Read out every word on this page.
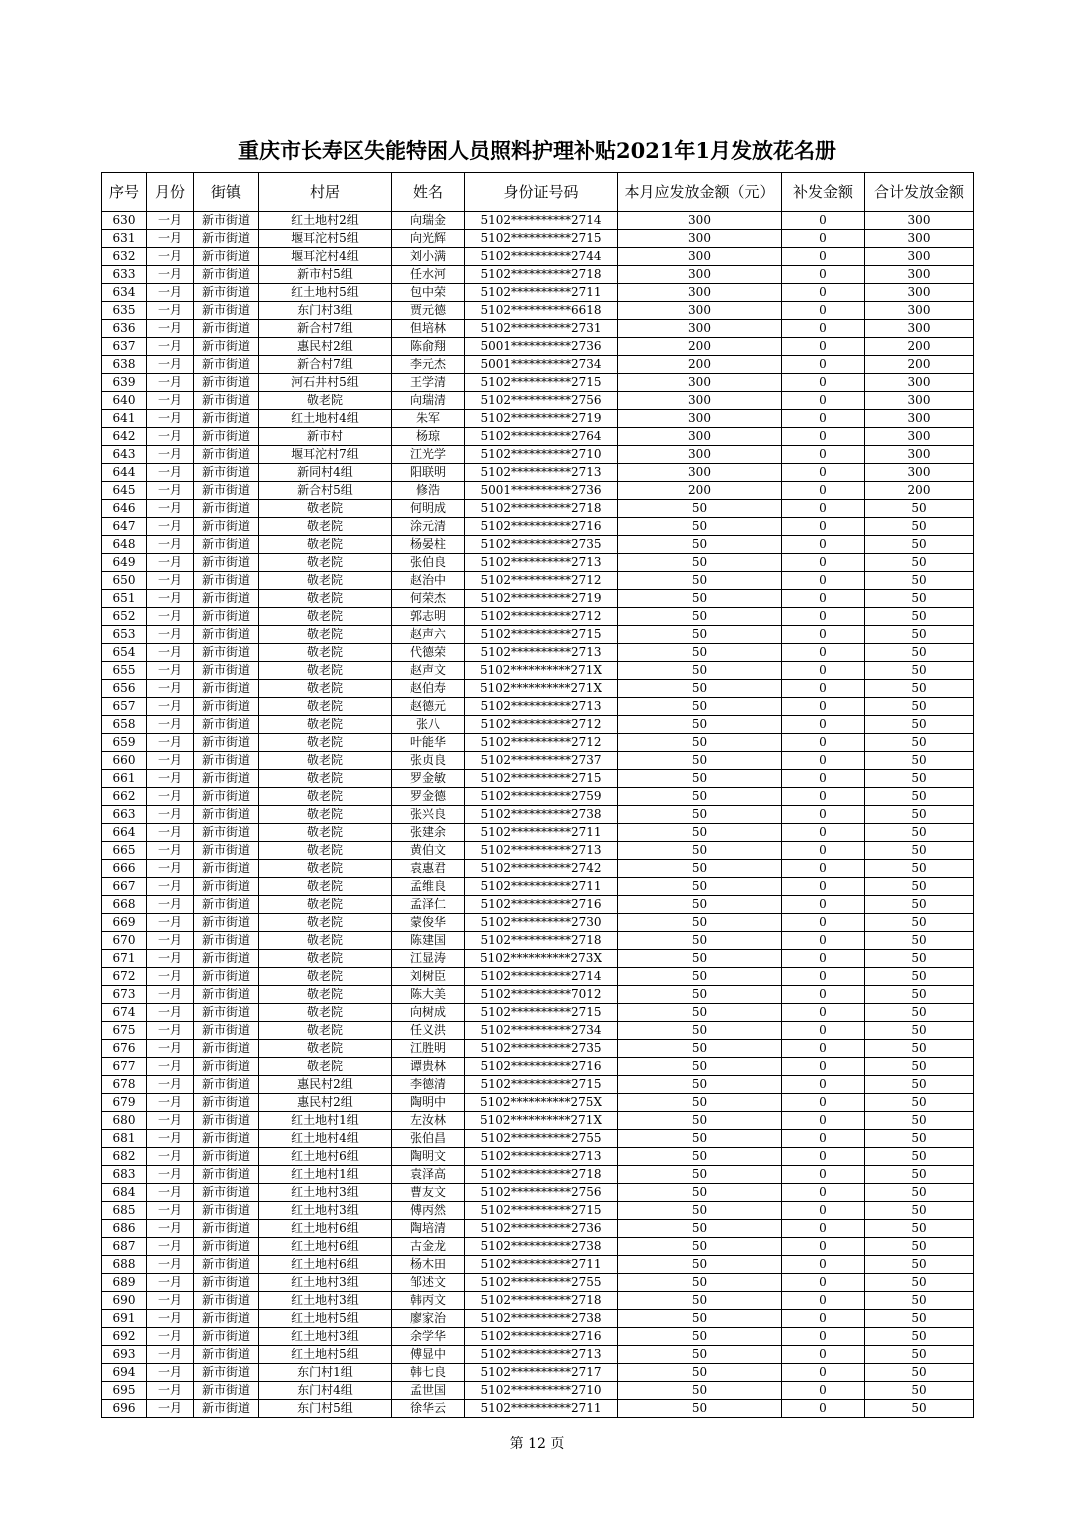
重庆市长寿区失能特困人员照料护理补贴2021年1月发放花名册
序号	月份	街镇	村居	姓名	身份证号码	本月应发放金额（元）	补发金额	合计发放金额
630	一月	新市街道	红土地村2组	向瑞金	5102**********2714	300	0	300
631	一月	新市街道	堰耳沱村5组	向光辉	5102**********2715	300	0	300
632	一月	新市街道	堰耳沱村4组	刘小满	5102**********2744	300	0	300
633	一月	新市街道	新市村5组	任水河	5102**********2718	300	0	300
634	一月	新市街道	红土地村5组	包中荣	5102**********2711	300	0	300
635	一月	新市街道	东门村3组	贾元德	5102**********6618	300	0	300
636	一月	新市街道	新合村7组	但培林	5102**********2731	300	0	300
637	一月	新市街道	惠民村2组	陈俞翔	5001**********2736	200	0	200
638	一月	新市街道	新合村7组	李元杰	5001**********2734	200	0	200
639	一月	新市街道	河石井村5组	王学清	5102**********2715	300	0	300
640	一月	新市街道	敬老院	向瑞清	5102**********2756	300	0	300
641	一月	新市街道	红土地村4组	朱军	5102**********2719	300	0	300
642	一月	新市街道	新市村	杨琼	5102**********2764	300	0	300
643	一月	新市街道	堰耳沱村7组	江光学	5102**********2710	300	0	300
644	一月	新市街道	新同村4组	阳联明	5102**********2713	300	0	300
645	一月	新市街道	新合村5组	修浩	5001**********2736	200	0	200
646	一月	新市街道	敬老院	何明成	5102**********2718	50	0	50
647	一月	新市街道	敬老院	涂元清	5102**********2716	50	0	50
648	一月	新市街道	敬老院	杨晏柱	5102**********2735	50	0	50
649	一月	新市街道	敬老院	张伯良	5102**********2713	50	0	50
650	一月	新市街道	敬老院	赵治中	5102**********2712	50	0	50
651	一月	新市街道	敬老院	何荣杰	5102**********2719	50	0	50
652	一月	新市街道	敬老院	郭志明	5102**********2712	50	0	50
653	一月	新市街道	敬老院	赵声六	5102**********2715	50	0	50
654	一月	新市街道	敬老院	代德荣	5102**********2713	50	0	50
655	一月	新市街道	敬老院	赵声文	5102**********271X	50	0	50
656	一月	新市街道	敬老院	赵伯寿	5102**********271X	50	0	50
657	一月	新市街道	敬老院	赵德元	5102**********2713	50	0	50
658	一月	新市街道	敬老院	张八	5102**********2712	50	0	50
659	一月	新市街道	敬老院	叶能华	5102**********2712	50	0	50
660	一月	新市街道	敬老院	张贞良	5102**********2737	50	0	50
661	一月	新市街道	敬老院	罗金敏	5102**********2715	50	0	50
662	一月	新市街道	敬老院	罗金德	5102**********2759	50	0	50
663	一月	新市街道	敬老院	张兴良	5102**********2738	50	0	50
664	一月	新市街道	敬老院	张建余	5102**********2711	50	0	50
665	一月	新市街道	敬老院	黄伯文	5102**********2713	50	0	50
666	一月	新市街道	敬老院	袁惠君	5102**********2742	50	0	50
667	一月	新市街道	敬老院	孟维良	5102**********2711	50	0	50
668	一月	新市街道	敬老院	孟泽仁	5102**********2716	50	0	50
669	一月	新市街道	敬老院	蒙俊华	5102**********2730	50	0	50
670	一月	新市街道	敬老院	陈建国	5102**********2718	50	0	50
671	一月	新市街道	敬老院	江显涛	5102**********273X	50	0	50
672	一月	新市街道	敬老院	刘树臣	5102**********2714	50	0	50
673	一月	新市街道	敬老院	陈大美	5102**********7012	50	0	50
674	一月	新市街道	敬老院	向树成	5102**********2715	50	0	50
675	一月	新市街道	敬老院	任义洪	5102**********2734	50	0	50
676	一月	新市街道	敬老院	江胜明	5102**********2735	50	0	50
677	一月	新市街道	敬老院	谭贵林	5102**********2716	50	0	50
678	一月	新市街道	惠民村2组	李德清	5102**********2715	50	0	50
679	一月	新市街道	惠民村2组	陶明中	5102**********275X	50	0	50
680	一月	新市街道	红土地村1组	左汝林	5102**********271X	50	0	50
681	一月	新市街道	红土地村4组	张伯昌	5102**********2755	50	0	50
682	一月	新市街道	红土地村6组	陶明文	5102**********2713	50	0	50
683	一月	新市街道	红土地村1组	袁泽高	5102**********2718	50	0	50
684	一月	新市街道	红土地村3组	曹友文	5102**********2756	50	0	50
685	一月	新市街道	红土地村3组	傅丙然	5102**********2715	50	0	50
686	一月	新市街道	红土地村6组	陶培清	5102**********2736	50	0	50
687	一月	新市街道	红土地村6组	古金龙	5102**********2738	50	0	50
688	一月	新市街道	红土地村6组	杨木田	5102**********2711	50	0	50
689	一月	新市街道	红土地村3组	邹述文	5102**********2755	50	0	50
690	一月	新市街道	红土地村3组	韩丙文	5102**********2718	50	0	50
691	一月	新市街道	红土地村5组	廖家治	5102**********2738	50	0	50
692	一月	新市街道	红土地村3组	余学华	5102**********2716	50	0	50
693	一月	新市街道	红土地村5组	傅显中	5102**********2713	50	0	50
694	一月	新市街道	东门村1组	韩七良	5102**********2717	50	0	50
695	一月	新市街道	东门村4组	孟世国	5102**********2710	50	0	50
696	一月	新市街道	东门村5组	徐华云	5102**********2711	50	0	50
第 12 页
